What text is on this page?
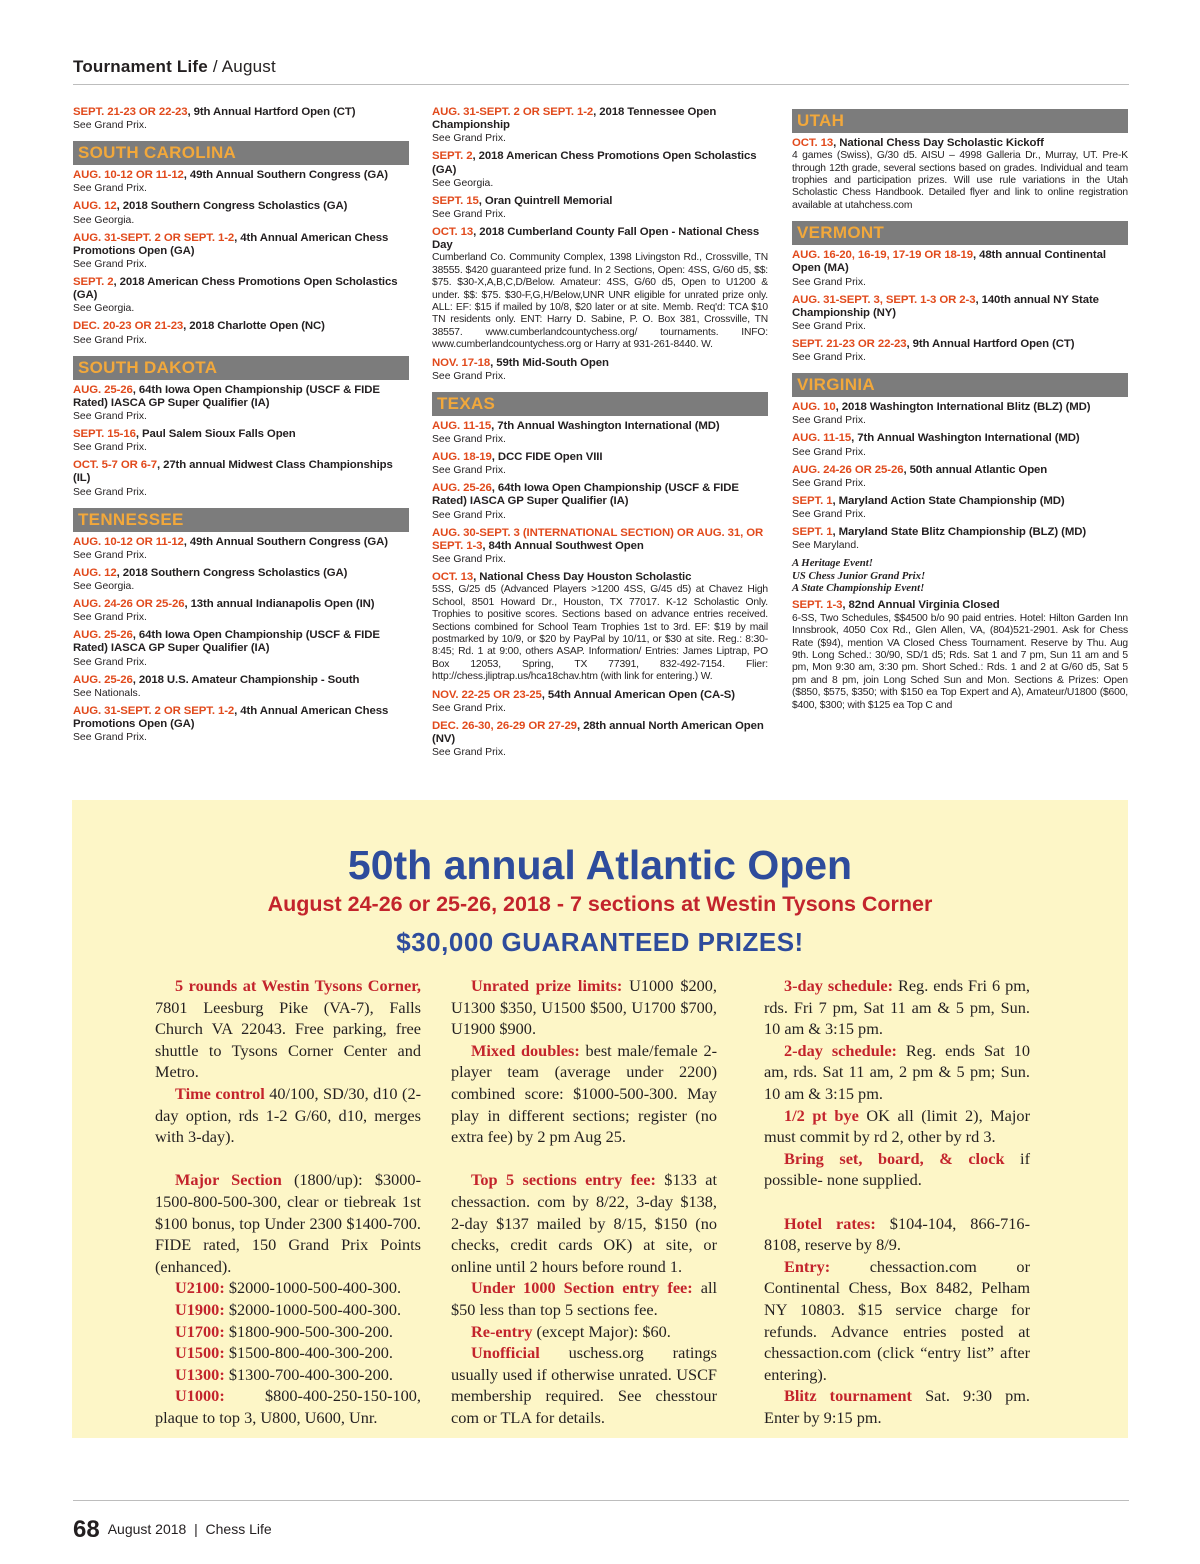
Tournament Life / August
SEPT. 21-23 OR 22-23, 9th Annual Hartford Open (CT)
See Grand Prix.
SOUTH CAROLINA
AUG. 10-12 OR 11-12, 49th Annual Southern Congress (GA)
See Grand Prix.
AUG. 12, 2018 Southern Congress Scholastics (GA)
See Georgia.
AUG. 31-SEPT. 2 OR SEPT. 1-2, 4th Annual American Chess Promotions Open (GA)
See Grand Prix.
SEPT. 2, 2018 American Chess Promotions Open Scholastics (GA)
See Georgia.
DEC. 20-23 OR 21-23, 2018 Charlotte Open (NC)
See Grand Prix.
SOUTH DAKOTA
AUG. 25-26, 64th Iowa Open Championship (USCF & FIDE Rated) IASCA GP Super Qualifier (IA)
See Grand Prix.
SEPT. 15-16, Paul Salem Sioux Falls Open
See Grand Prix.
OCT. 5-7 OR 6-7, 27th annual Midwest Class Championships (IL)
See Grand Prix.
TENNESSEE
AUG. 10-12 OR 11-12, 49th Annual Southern Congress (GA)
See Grand Prix.
AUG. 12, 2018 Southern Congress Scholastics (GA)
See Georgia.
AUG. 24-26 OR 25-26, 13th annual Indianapolis Open (IN)
See Grand Prix.
AUG. 25-26, 64th Iowa Open Championship (USCF & FIDE Rated) IASCA GP Super Qualifier (IA)
See Grand Prix.
AUG. 25-26, 2018 U.S. Amateur Championship - South
See Nationals.
AUG. 31-SEPT. 2 OR SEPT. 1-2, 4th Annual American Chess Promotions Open (GA)
See Grand Prix.
AUG. 31-SEPT. 2 OR SEPT. 1-2, 2018 Tennessee Open Championship
See Grand Prix.
SEPT. 2, 2018 American Chess Promotions Open Scholastics (GA)
See Georgia.
SEPT. 15, Oran Quintrell Memorial
See Grand Prix.
OCT. 13, 2018 Cumberland County Fall Open - National Chess Day
Cumberland Co. Community Complex, 1398 Livingston Rd., Crossville, TN 38555. $420 guaranteed prize fund. In 2 Sections, Open: 4SS, G/60 d5, $$: $75. $30-X,A,B,C,D/Below. Amateur: 4SS, G/60 d5, Open to U1200 & under. $$: $75. $30-F,G,H/Below,UNR UNR eligible for unrated prize only. ALL: EF: $15 if mailed by 10/8, $20 later or at site. Memb. Req'd: TCA $10 TN residents only. ENT: Harry D. Sabine, P. O. Box 381, Crossville, TN 38557. www.cumberlandcountychess.org/ tournaments. INFO: www.cumberlandcountychess.org or Harry at 931-261-8440. W.
NOV. 17-18, 59th Mid-South Open
See Grand Prix.
TEXAS
AUG. 11-15, 7th Annual Washington International (MD)
See Grand Prix.
AUG. 18-19, DCC FIDE Open VIII
See Grand Prix.
AUG. 25-26, 64th Iowa Open Championship (USCF & FIDE Rated) IASCA GP Super Qualifier (IA)
See Grand Prix.
AUG. 30-SEPT. 3 (INTERNATIONAL SECTION) OR AUG. 31, OR SEPT. 1-3, 84th Annual Southwest Open
See Grand Prix.
OCT. 13, National Chess Day Houston Scholastic
5SS, G/25 d5 (Advanced Players >1200 4SS, G/45 d5) at Chavez High School, 8501 Howard Dr., Houston, TX 77017. K-12 Scholastic Only. Trophies to positive scores. Sections based on advance entries received. Sections combined for School Team Trophies 1st to 3rd. EF: $19 by mail postmarked by 10/9, or $20 by PayPal by 10/11, or $30 at site. Reg.: 8:30- 8:45; Rd. 1 at 9:00, others ASAP. Information/ Entries: James Liptrap, PO Box 12053, Spring, TX 77391, 832-492-7154. Flier: http://chess.jliptrap.us/hca18chav.htm (with link for entering.) W.
NOV. 22-25 OR 23-25, 54th Annual American Open (CA-S)
See Grand Prix.
DEC. 26-30, 26-29 OR 27-29, 28th annual North American Open (NV)
See Grand Prix.
UTAH
OCT. 13, National Chess Day Scholastic Kickoff
4 games (Swiss), G/30 d5. AISU – 4998 Galleria Dr., Murray, UT. Pre-K through 12th grade, several sections based on grades. Individual and team trophies and participation prizes. Will use rule variations in the Utah Scholastic Chess Handbook. Detailed flyer and link to online registration available at utahchess.com
VERMONT
AUG. 16-20, 16-19, 17-19 OR 18-19, 48th annual Continental Open (MA)
See Grand Prix.
AUG. 31-SEPT. 3, SEPT. 1-3 OR 2-3, 140th annual NY State Championship (NY)
See Grand Prix.
SEPT. 21-23 OR 22-23, 9th Annual Hartford Open (CT)
See Grand Prix.
VIRGINIA
AUG. 10, 2018 Washington International Blitz (BLZ) (MD)
See Grand Prix.
AUG. 11-15, 7th Annual Washington International (MD)
See Grand Prix.
AUG. 24-26 OR 25-26, 50th annual Atlantic Open
See Grand Prix.
SEPT. 1, Maryland Action State Championship (MD)
See Grand Prix.
SEPT. 1, Maryland State Blitz Championship (BLZ) (MD)
See Maryland.
A Heritage Event!
US Chess Junior Grand Prix!
A State Championship Event!
SEPT. 1-3, 82nd Annual Virginia Closed
6-SS, Two Schedules, $$4500 b/o 90 paid entries. Hotel: Hilton Garden Inn Innsbrook, 4050 Cox Rd., Glen Allen, VA, (804)521-2901. Ask for Chess Rate ($94), mention VA Closed Chess Tournament. Reserve by Thu. Aug 9th. Long Sched.: 30/90, SD/1 d5; Rds. Sat 1 and 7 pm, Sun 11 am and 5 pm, Mon 9:30 am, 3:30 pm. Short Sched.: Rds. 1 and 2 at G/60 d5, Sat 5 pm and 8 pm, join Long Sched Sun and Mon. Sections & Prizes: Open ($850, $575, $350; with $150 ea Top Expert and A), Amateur/U1800 ($600, $400, $300; with $125 ea Top C and
50th annual Atlantic Open
August 24-26 or 25-26, 2018 - 7 sections at Westin Tysons Corner
$30,000 GUARANTEED PRIZES!

5 rounds at Westin Tysons Corner, 7801 Leesburg Pike (VA-7), Falls Church VA 22043. Free parking, free shuttle to Tysons Corner Center and Metro.

Time control 40/100, SD/30, d10 (2-day option, rds 1-2 G/60, d10, merges with 3-day).

Major Section (1800/up): $3000-1500-800-500-300, clear or tiebreak 1st $100 bonus, top Under 2300 $1400-700. FIDE rated, 150 Grand Prix Points (enhanced).

U2100: $2000-1000-500-400-300.

U1900: $2000-1000-500-400-300.

U1700: $1800-900-500-300-200.

U1500: $1500-800-400-300-200.

U1300: $1300-700-400-300-200.

U1000: $800-400-250-150-100, plaque to top 3, U800, U600, Unr.

Unrated prize limits: U1000 $200, U1300 $350, U1500 $500, U1700 $700, U1900 $900.

Mixed doubles: best male/female 2-player team (average under 2200) combined score: $1000-500-300. May play in different sections; register (no extra fee) by 2 pm Aug 25.

Top 5 sections entry fee: $133 at chessaction. com by 8/22, 3-day $138, 2-day $137 mailed by 8/15, $150 (no checks, credit cards OK) at site, or online until 2 hours before round 1.

Under 1000 Section entry fee: all $50 less than top 5 sections fee.

Re-entry (except Major): $60.

Unofficial uschess.org ratings usually used if otherwise unrated. USCF membership required. See chesstour com or TLA for details.

3-day schedule: Reg. ends Fri 6 pm, rds. Fri 7 pm, Sat 11 am & 5 pm, Sun. 10 am & 3:15 pm.

2-day schedule: Reg. ends Sat 10 am, rds. Sat 11 am, 2 pm & 5 pm; Sun. 10 am & 3:15 pm.

1/2 pt bye OK all (limit 2), Major must commit by rd 2, other by rd 3.

Bring set, board, & clock if possible- none supplied.

Hotel rates: $104-104, 866-716-8108, reserve by 8/9.

Entry: chessaction.com or Continental Chess, Box 8482, Pelham NY 10803. $15 service charge for refunds. Advance entries posted at chessaction.com (click “entry list” after entering).

Blitz tournament Sat. 9:30 pm. Enter by 9:15 pm.

68 August 2018 | Chess Life
